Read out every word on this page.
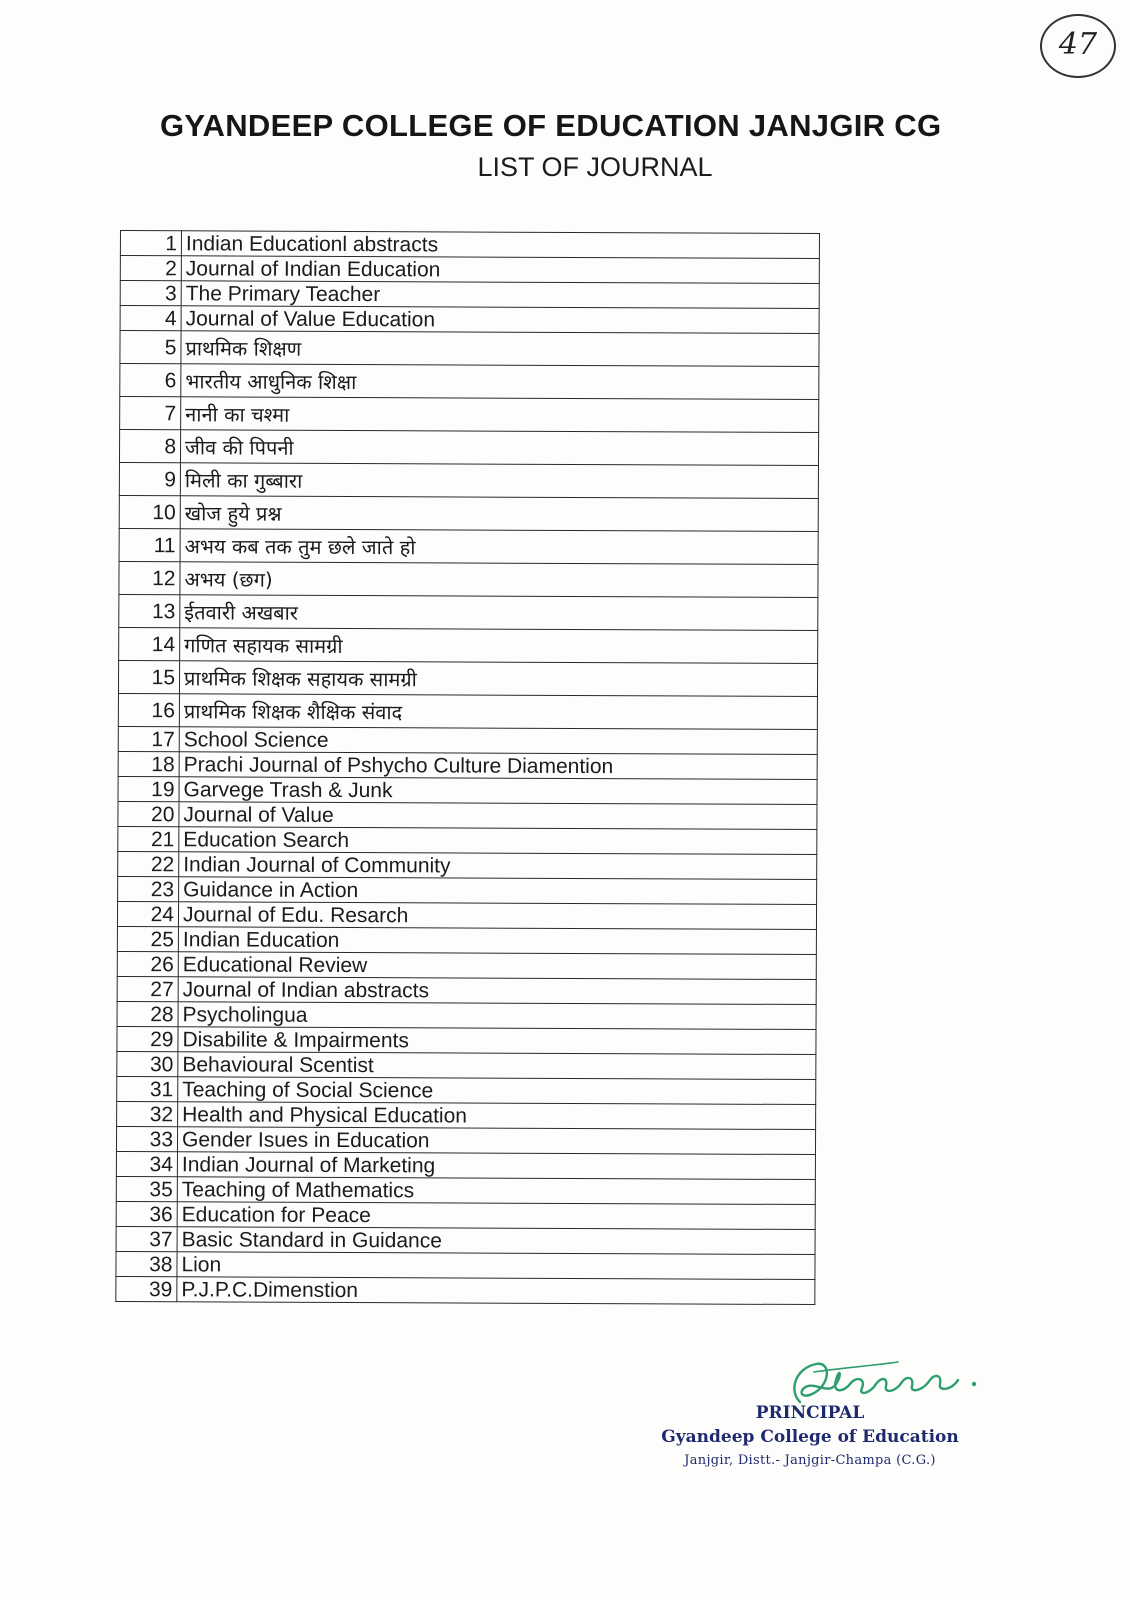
47
GYANDEEP COLLEGE OF EDUCATION JANJGIR CG
LIST OF JOURNAL
1	Indian Educationl abstracts
2	Journal of Indian Education
3	The Primary Teacher
4	Journal of Value Education
5	प्राथमिक शिक्षण
6	भारतीय आधुनिक शिक्षा
7	नानी का चश्मा
8	जीव की पिपनी
9	मिली का गुब्बारा
10	खोज हुये प्रश्न
11	अभय कब तक तुम छले जाते हो
12	अभय (छग)
13	ईतवारी अखबार
14	गणित सहायक सामग्री
15	प्राथमिक शिक्षक सहायक सामग्री
16	प्राथमिक शिक्षक शैक्षिक संवाद
17	School Science
18	Prachi Journal of Pshycho Culture Diamention
19	Garvege Trash & Junk
20	Journal of Value
21	Education Search
22	Indian Journal of Community
23	Guidance in Action
24	Journal of Edu. Resarch
25	Indian Education
26	Educational Review
27	Journal of Indian abstracts
28	Psycholingua
29	Disabilite & Impairments
30	Behavioural Scentist
31	Teaching of Social Science
32	Health and Physical Education
33	Gender Isues in Education
34	Indian Journal of Marketing
35	Teaching of Mathematics
36	Education for Peace
37	Basic Standard in Guidance
38	Lion
39	P.J.P.C.Dimenstion
PRINCIPAL
Gyandeep College of Education
Janjgir, Distt.- Janjgir-Champa (C.G.)
